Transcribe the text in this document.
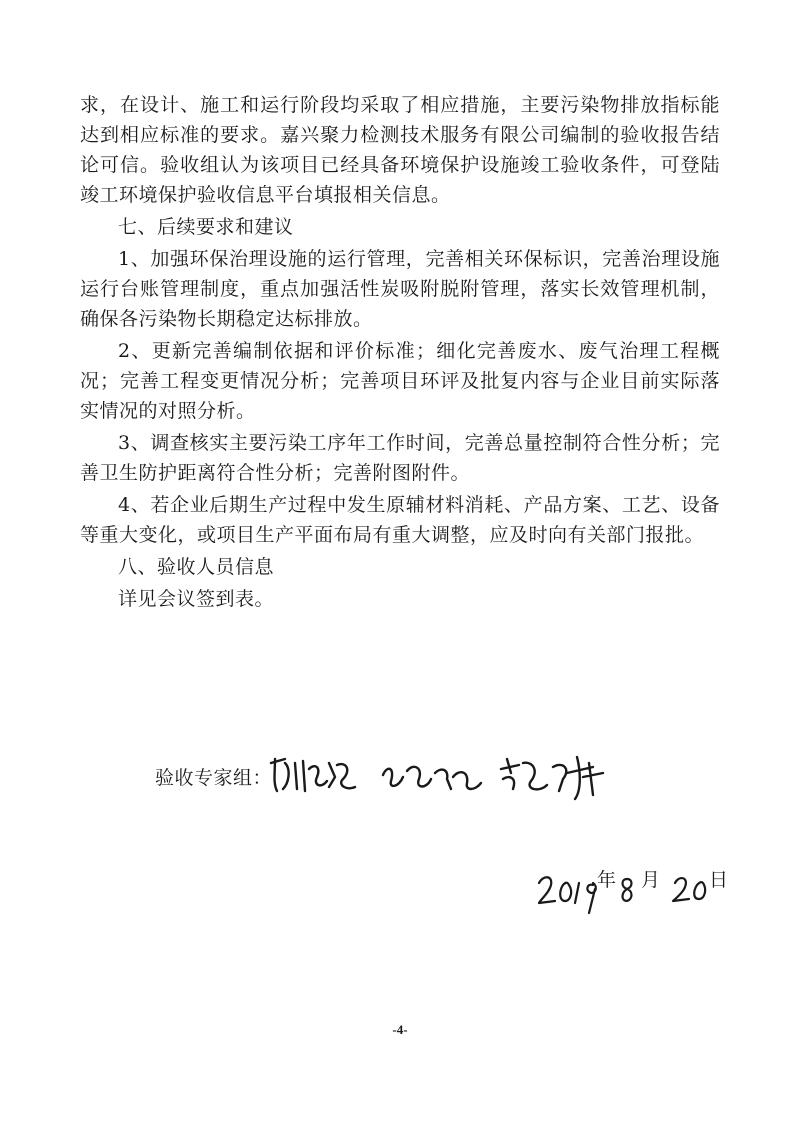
求，在设计、施工和运行阶段均采取了相应措施，主要污染物排放指标能达到相应标准的要求。嘉兴聚力检测技术服务有限公司编制的验收报告结论可信。验收组认为该项目已经具备环境保护设施竣工验收条件，可登陆竣工环境保护验收信息平台填报相关信息。

七、后续要求和建议

1、加强环保治理设施的运行管理，完善相关环保标识，完善治理设施运行台账管理制度，重点加强活性炭吸附脱附管理，落实长效管理机制，确保各污染物长期稳定达标排放。

2、更新完善编制依据和评价标准；细化完善废水、废气治理工程概况；完善工程变更情况分析；完善项目环评及批复内容与企业目前实际落实情况的对照分析。

3、调查核实主要污染工序年工作时间，完善总量控制符合性分析；完善卫生防护距离符合性分析；完善附图附件。

4、若企业后期生产过程中发生原辅材料消耗、产品方案、工艺、设备等重大变化，或项目生产平面布局有重大调整，应及时向有关部门报批。

八、验收人员信息

详见会议签到表。

验收专家组：
年 月	日
-4-
